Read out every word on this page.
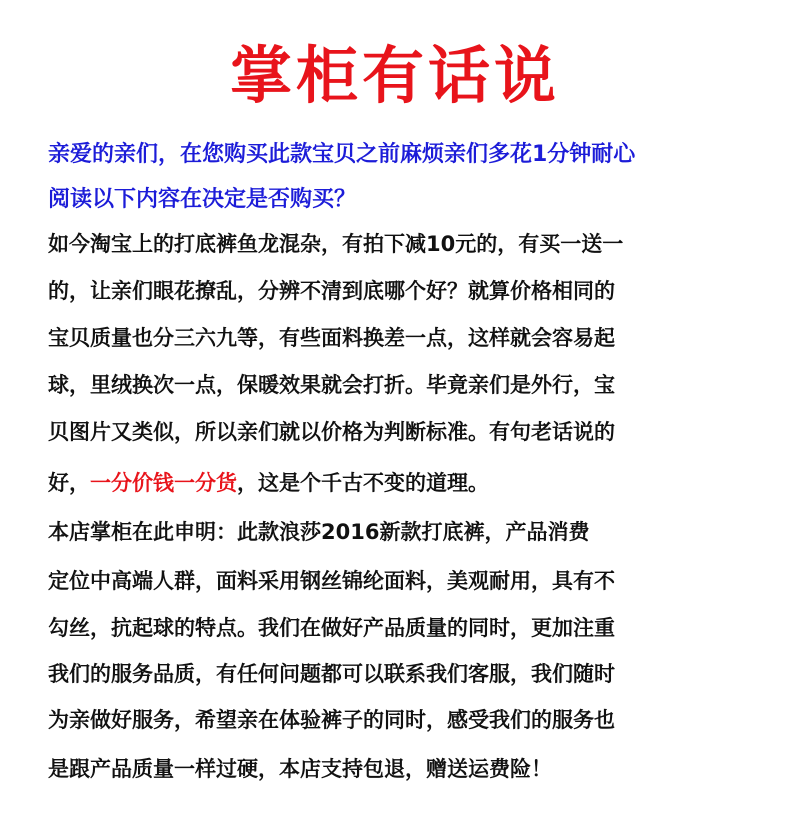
掌柜有话说
亲爱的亲们，在您购买此款宝贝之前麻烦亲们多花1分钟耐心
阅读以下内容在决定是否购买？
如今淘宝上的打底裤鱼龙混杂，有拍下减10元的，有买一送一
的，让亲们眼花撩乱，分辨不清到底哪个好？就算价格相同的
宝贝质量也分三六九等，有些面料换差一点，这样就会容易起
球，里绒换次一点，保暖效果就会打折。毕竟亲们是外行，宝
贝图片又类似，所以亲们就以价格为判断标准。有句老话说的
好，一分价钱一分货，这是个千古不变的道理。
本店掌柜在此申明：此款浪莎2016新款打底裤，产品消费
定位中高端人群，面料采用钢丝锦纶面料，美观耐用，具有不
勾丝，抗起球的特点。我们在做好产品质量的同时，更加注重
我们的服务品质，有任何问题都可以联系我们客服，我们随时
为亲做好服务，希望亲在体验裤子的同时，感受我们的服务也
是跟产品质量一样过硬，本店支持包退，赠送运费险！
